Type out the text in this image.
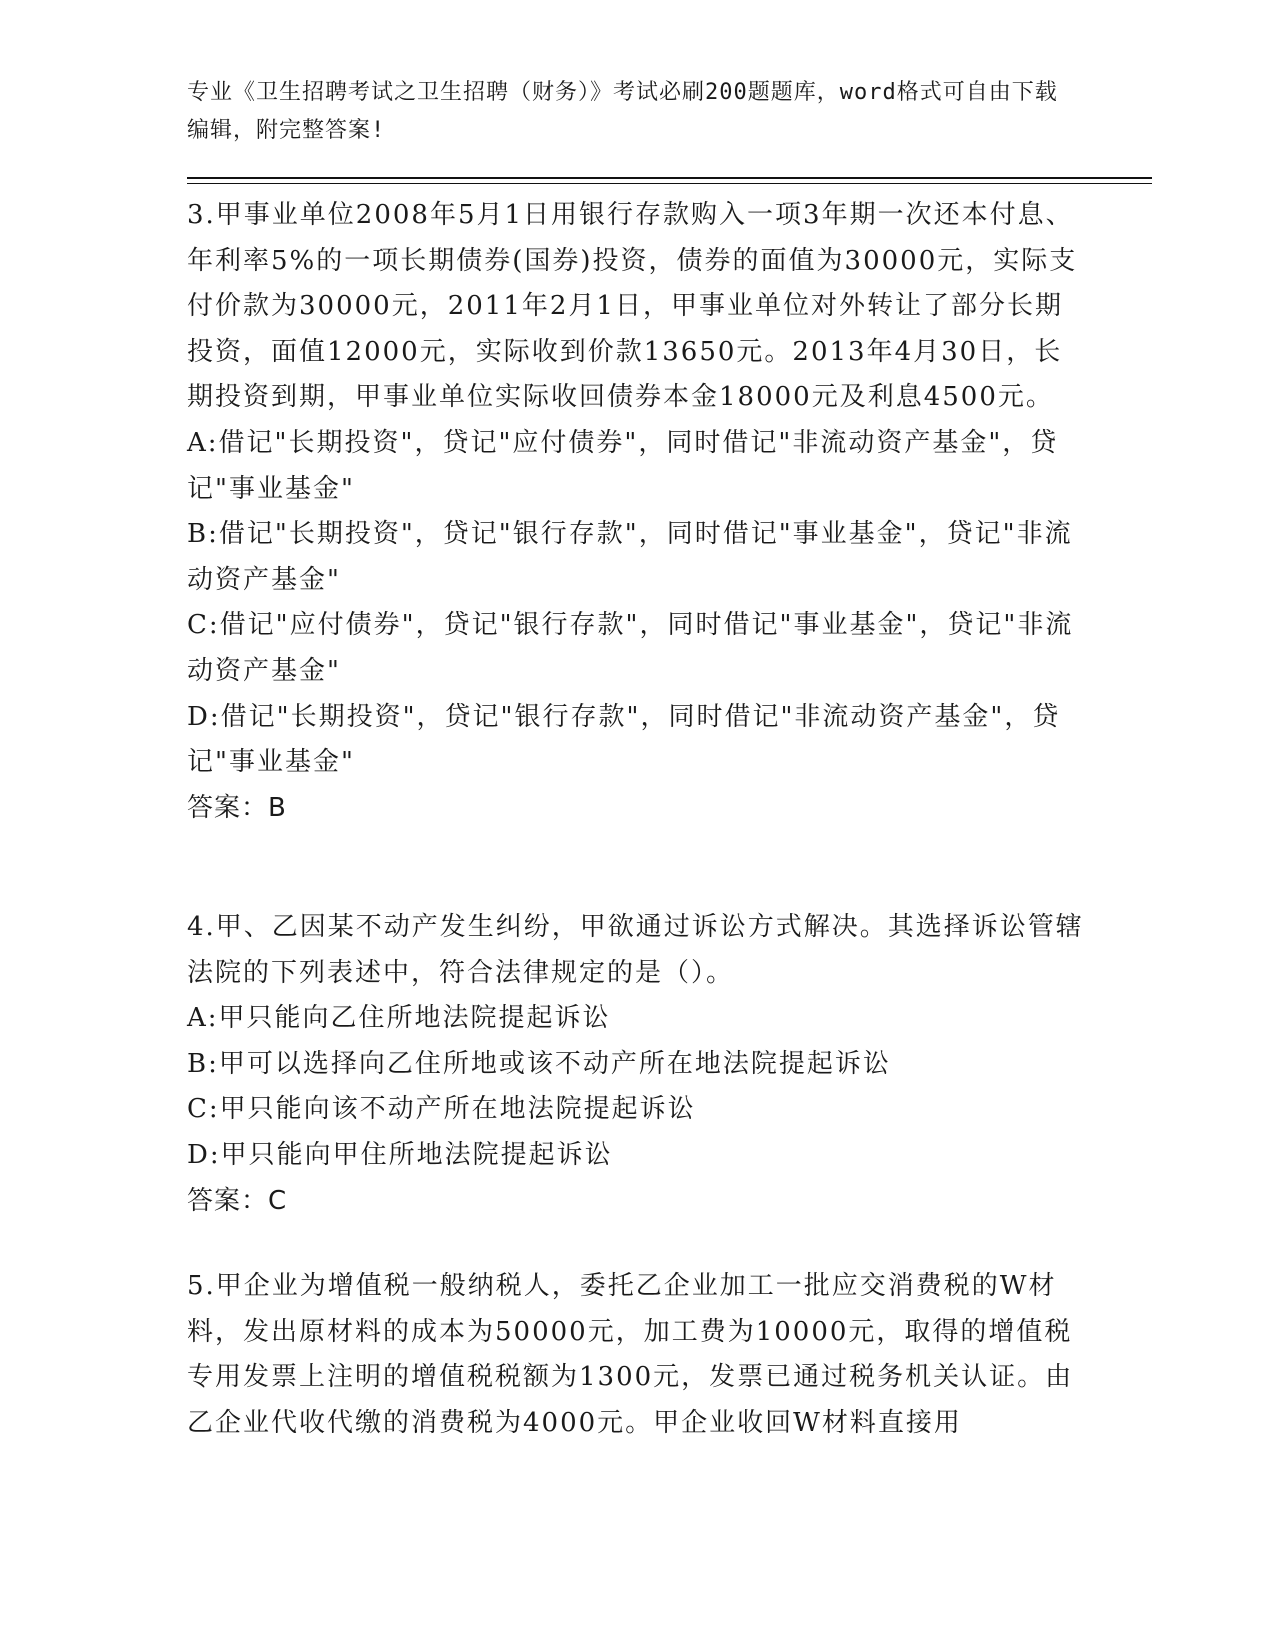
专业《卫生招聘考试之卫生招聘（财务）》考试必刷200题题库，word格式可自由下载编辑，附完整答案!

3.甲事业单位2008年5月1日用银行存款购入一项3年期一次还本付息、年利率5%的一项长期债券(国券)投资，债券的面值为30000元，实际支付价款为30000元，2011年2月1日，甲事业单位对外转让了部分长期投资，面值12000元，实际收到价款13650元。2013年4月30日，长期投资到期，甲事业单位实际收回债券本金18000元及利息4500元。

A:借记"长期投资"，贷记"应付债券"，同时借记"非流动资产基金"，贷记"事业基金"

B:借记"长期投资"，贷记"银行存款"，同时借记"事业基金"，贷记"非流动资产基金"

C:借记"应付债券"，贷记"银行存款"，同时借记"事业基金"，贷记"非流动资产基金"

D:借记"长期投资"，贷记"银行存款"，同时借记"非流动资产基金"，贷记"事业基金"

答案：B

4.甲、乙因某不动产发生纠纷，甲欲通过诉讼方式解决。其选择诉讼管辖法院的下列表述中，符合法律规定的是（）。

A:甲只能向乙住所地法院提起诉讼

B:甲可以选择向乙住所地或该不动产所在地法院提起诉讼

C:甲只能向该不动产所在地法院提起诉讼

D:甲只能向甲住所地法院提起诉讼

答案：C

5.甲企业为增值税一般纳税人，委托乙企业加工一批应交消费税的W材料，发出原材料的成本为50000元，加工费为10000元，取得的增值税专用发票上注明的增值税税额为1300元，发票已通过税务机关认证。由乙企业代收代缴的消费税为4000元。甲企业收回W材料直接用
